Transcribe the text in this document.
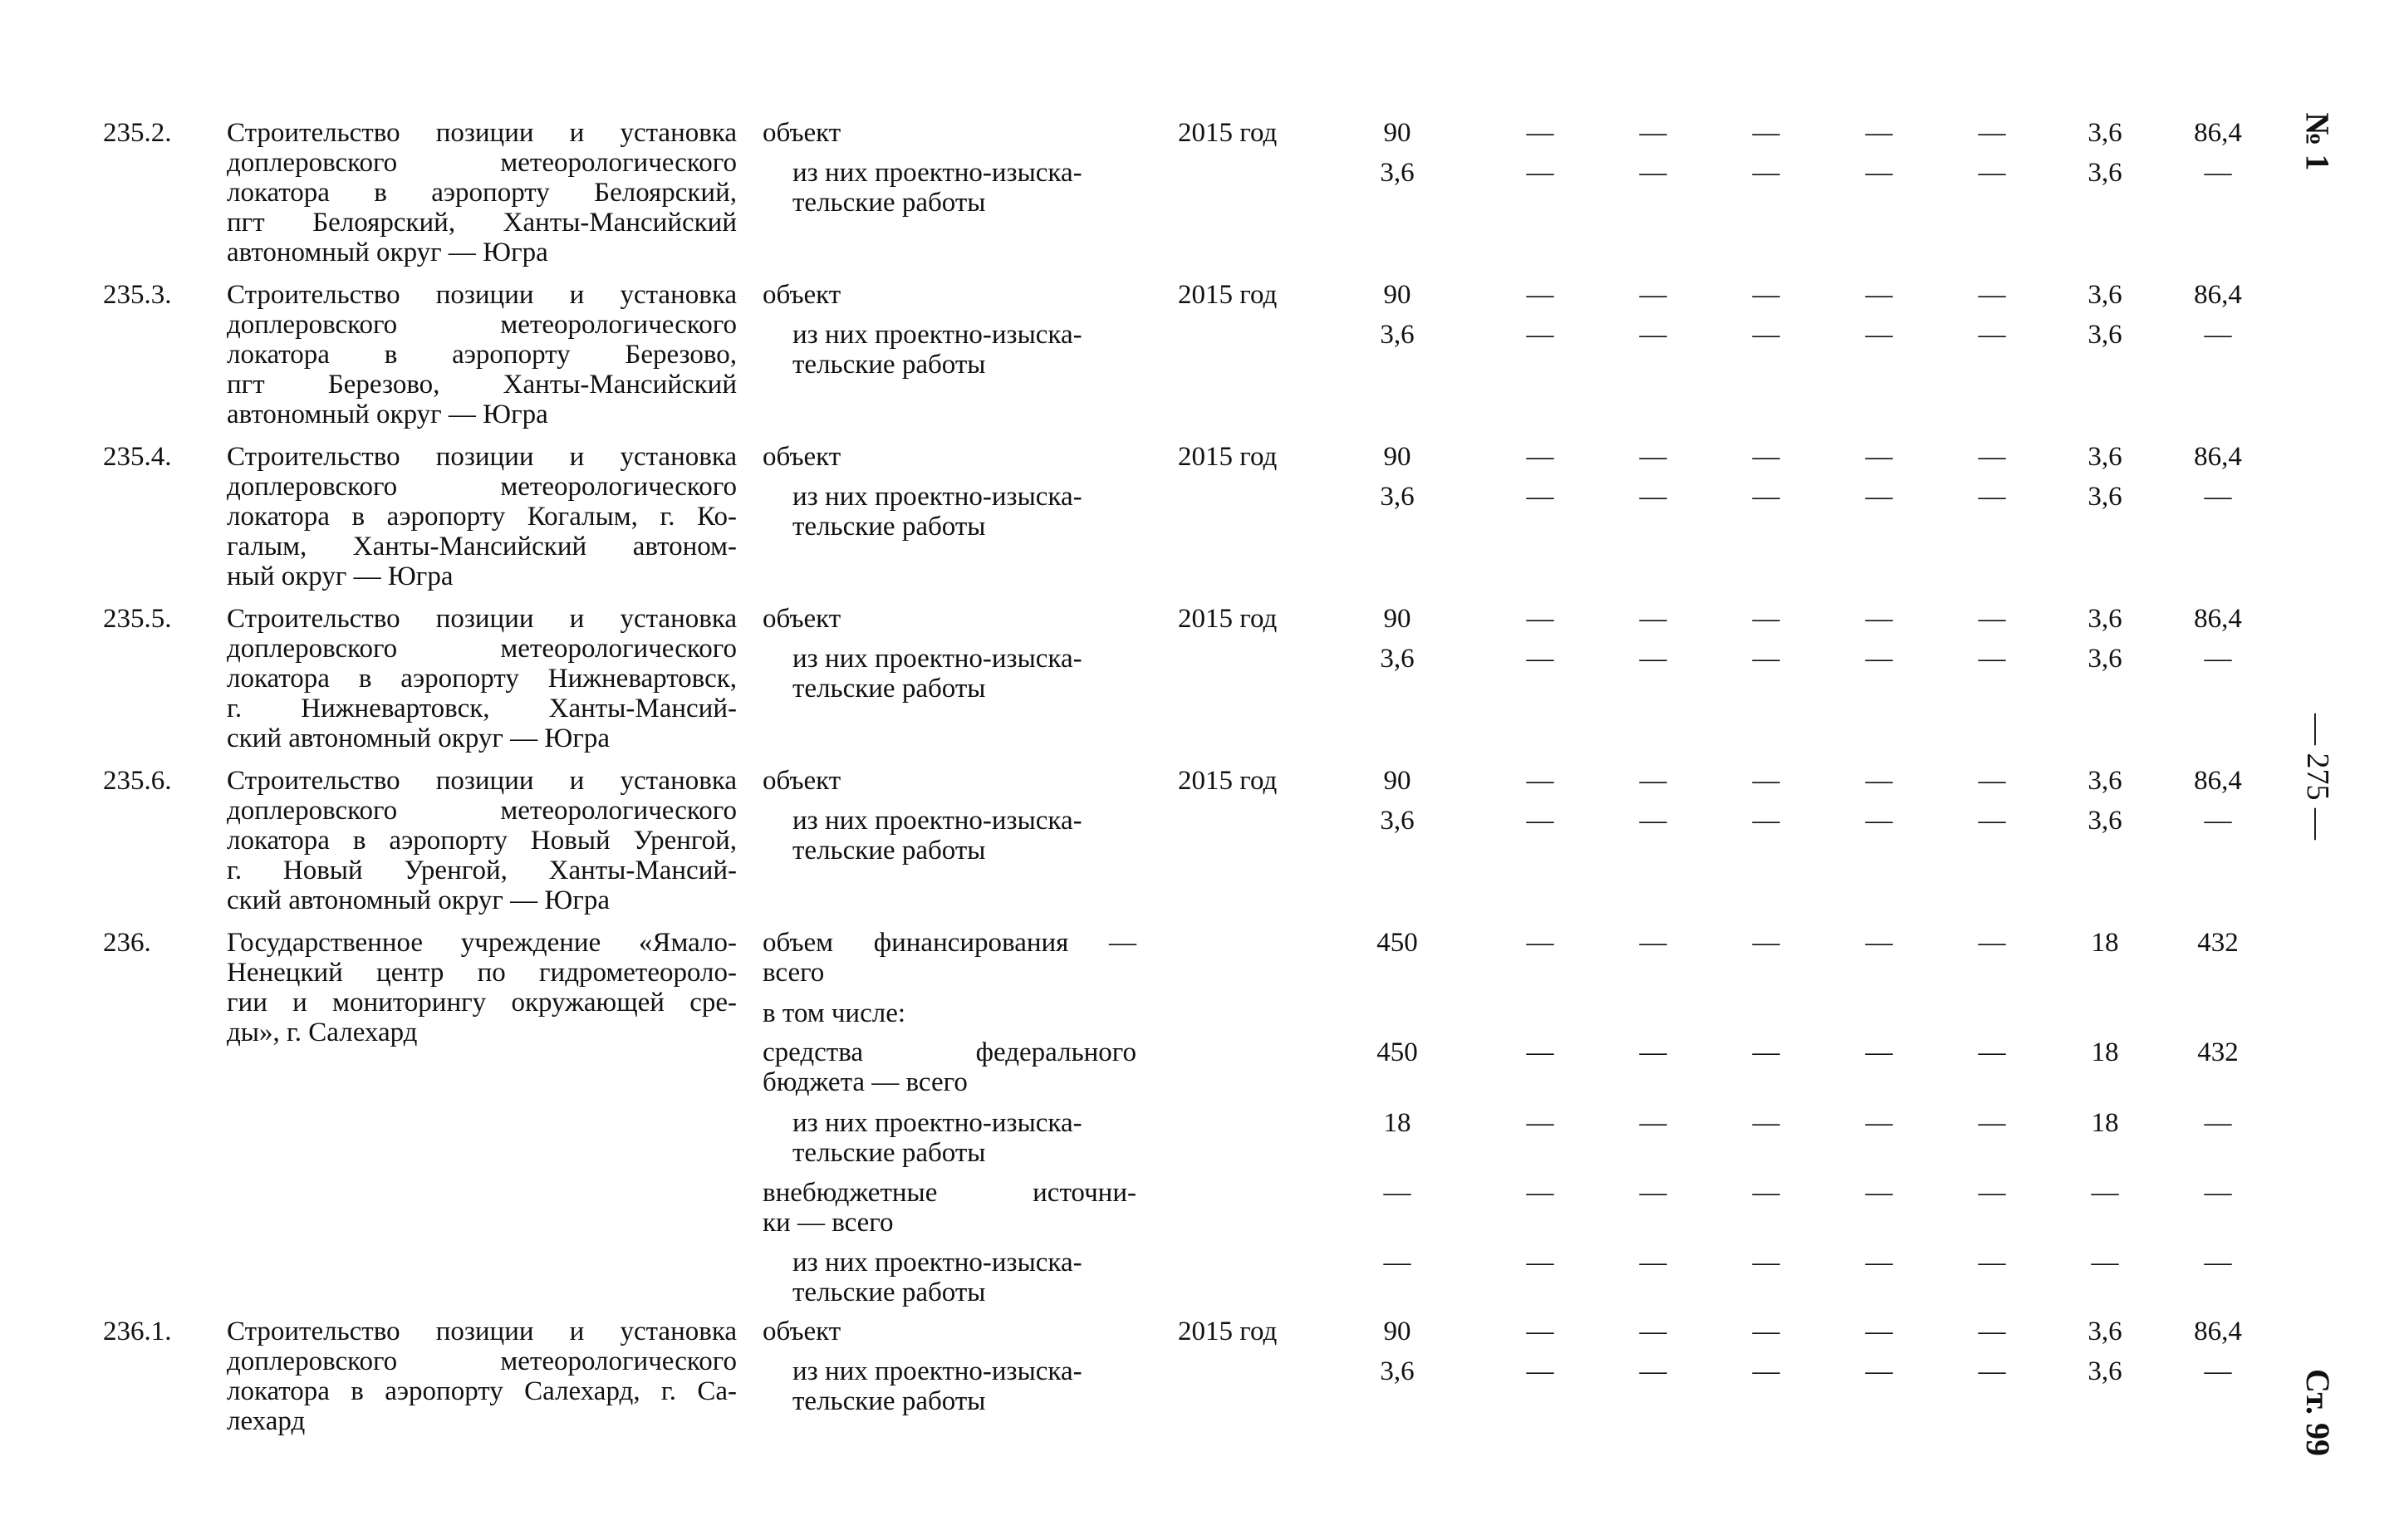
№ 1
— 275 —
Ст. 99
235.2.	Строительство позиции и установка
доплеровского метеорологического
локатора в аэропорту Белоярский,
пгт Белоярский, Ханты-Мансийский
автономный округ — Югра
объект	2015 год	90	—	—	—	—	—	3,6	86,4
из них проектно-изыска-
тельские работы
3,6	—	—	—	—	—	3,6	—
235.3.	Строительство позиции и установка
доплеровского метеорологического
локатора в аэропорту Березово,
пгт Березово, Ханты-Мансийский
автономный округ — Югра
объект	2015 год	90	—	—	—	—	—	3,6	86,4
из них проектно-изыска-
тельские работы
3,6	—	—	—	—	—	3,6	—
235.4.	Строительство позиции и установка
доплеровского метеорологического
локатора в аэропорту Когалым, г. Ко-
галым, Ханты-Мансийский автоном-
ный округ — Югра
объект	2015 год	90	—	—	—	—	—	3,6	86,4
из них проектно-изыска-
тельские работы
3,6	—	—	—	—	—	3,6	—
235.5.	Строительство позиции и установка
доплеровского метеорологического
локатора в аэропорту Нижневартовск,
г. Нижневартовск, Ханты-Мансий-
ский автономный округ — Югра
объект	2015 год	90	—	—	—	—	—	3,6	86,4
из них проектно-изыска-
тельские работы
3,6	—	—	—	—	—	3,6	—
235.6.	Строительство позиции и установка
доплеровского метеорологического
локатора в аэропорту Новый Уренгой,
г. Новый Уренгой, Ханты-Мансий-
ский автономный округ — Югра
объект	2015 год	90	—	—	—	—	—	3,6	86,4
из них проектно-изыска-
тельские работы
3,6	—	—	—	—	—	3,6	—
236.	Государственное учреждение «Ямало-
Ненецкий центр по гидрометеороло-
гии и мониторингу окружающей сре-
ды», г. Салехард
объем финансирования —
всего
450	—	—	—	—	—	18	432
в том числе:
средства федерального
бюджета — всего
450	—	—	—	—	—	18	432
из них проектно-изыска-
тельские работы
18	—	—	—	—	—	18	—
внебюджетные источни-
ки — всего
—	—	—	—	—	—	—	—
из них проектно-изыска-
тельские работы
—	—	—	—	—	—	—	—
236.1.	Строительство позиции и установка
доплеровского метеорологического
локатора в аэропорту Салехард, г. Са-
лехард
объект	2015 год	90	—	—	—	—	—	3,6	86,4
из них проектно-изыска-
тельские работы
3,6	—	—	—	—	—	3,6	—
